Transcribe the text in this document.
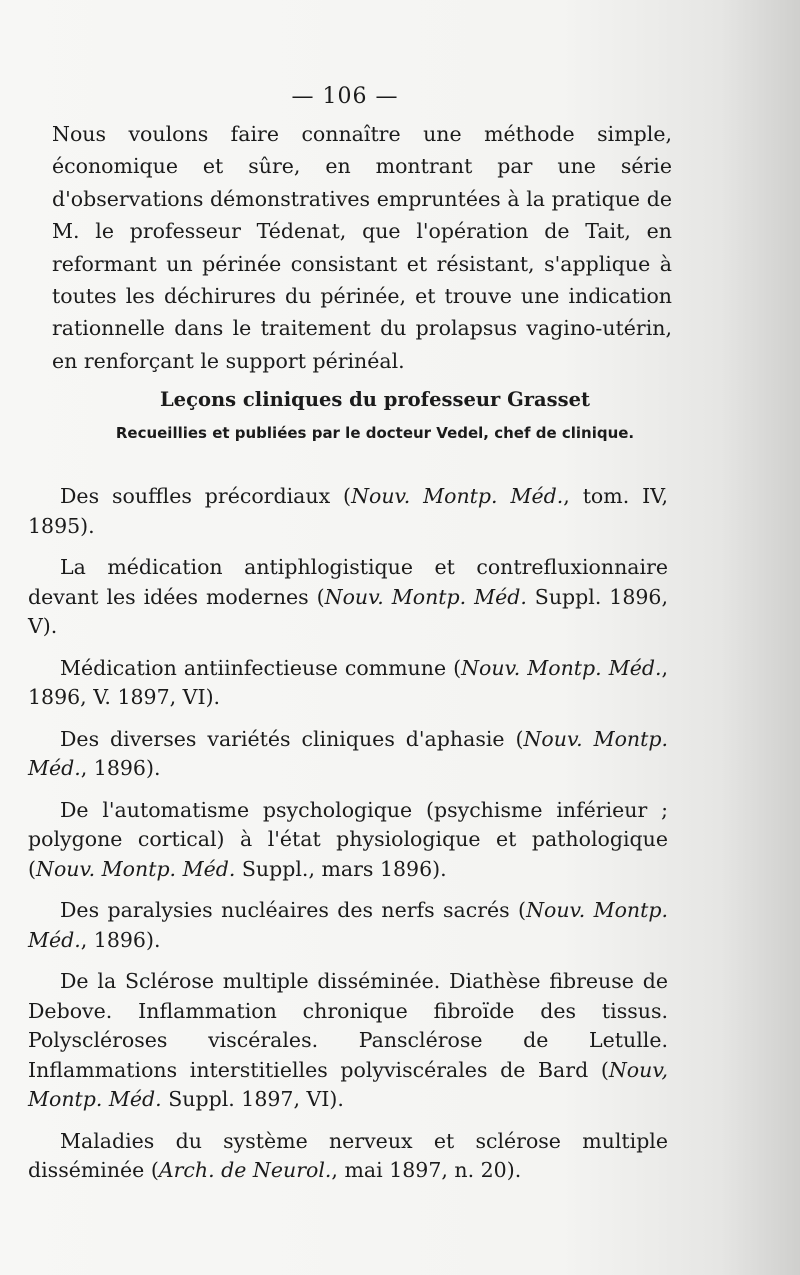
— 106 —

Nous voulons faire connaître une méthode simple, économique et sûre, en montrant par une série d'observations démonstratives empruntées à la pratique de M. le professeur Tédenat, que l'opération de Tait, en reformant un périnée consistant et résistant, s'applique à toutes les déchirures du périnée, et trouve une indication rationnelle dans le traitement du prolapsus vagino-utérin, en renforçant le support périnéal.

Leçons cliniques du professeur Grasset
Recueillies et publiées par le docteur Vedel, chef de clinique.

Des souffles précordiaux (Nouv. Montp. Méd., tom. IV, 1895).

La médication antiphlogistique et contrefluxionnaire devant les idées modernes (Nouv. Montp. Méd. Suppl. 1896, V).

Médication antiinfectieuse commune (Nouv. Montp. Méd., 1896, V. 1897, VI).

Des diverses variétés cliniques d'aphasie (Nouv. Montp. Méd., 1896).

De l'automatisme psychologique (psychisme inférieur ; polygone cortical) à l'état physiologique et pathologique (Nouv. Montp. Méd. Suppl., mars 1896).

Des paralysies nucléaires des nerfs sacrés (Nouv. Montp. Méd., 1896).

De la Sclérose multiple disséminée. Diathèse fibreuse de Debove. Inflammation chronique fibroïde des tissus. Polyscléroses viscérales. Pansclérose de Letulle. Inflammations interstitielles polyviscérales de Bard (Nouv, Montp. Méd. Suppl. 1897, VI).

Maladies du système nerveux et sclérose multiple disséminée (Arch. de Neurol., mai 1897, n. 20).
